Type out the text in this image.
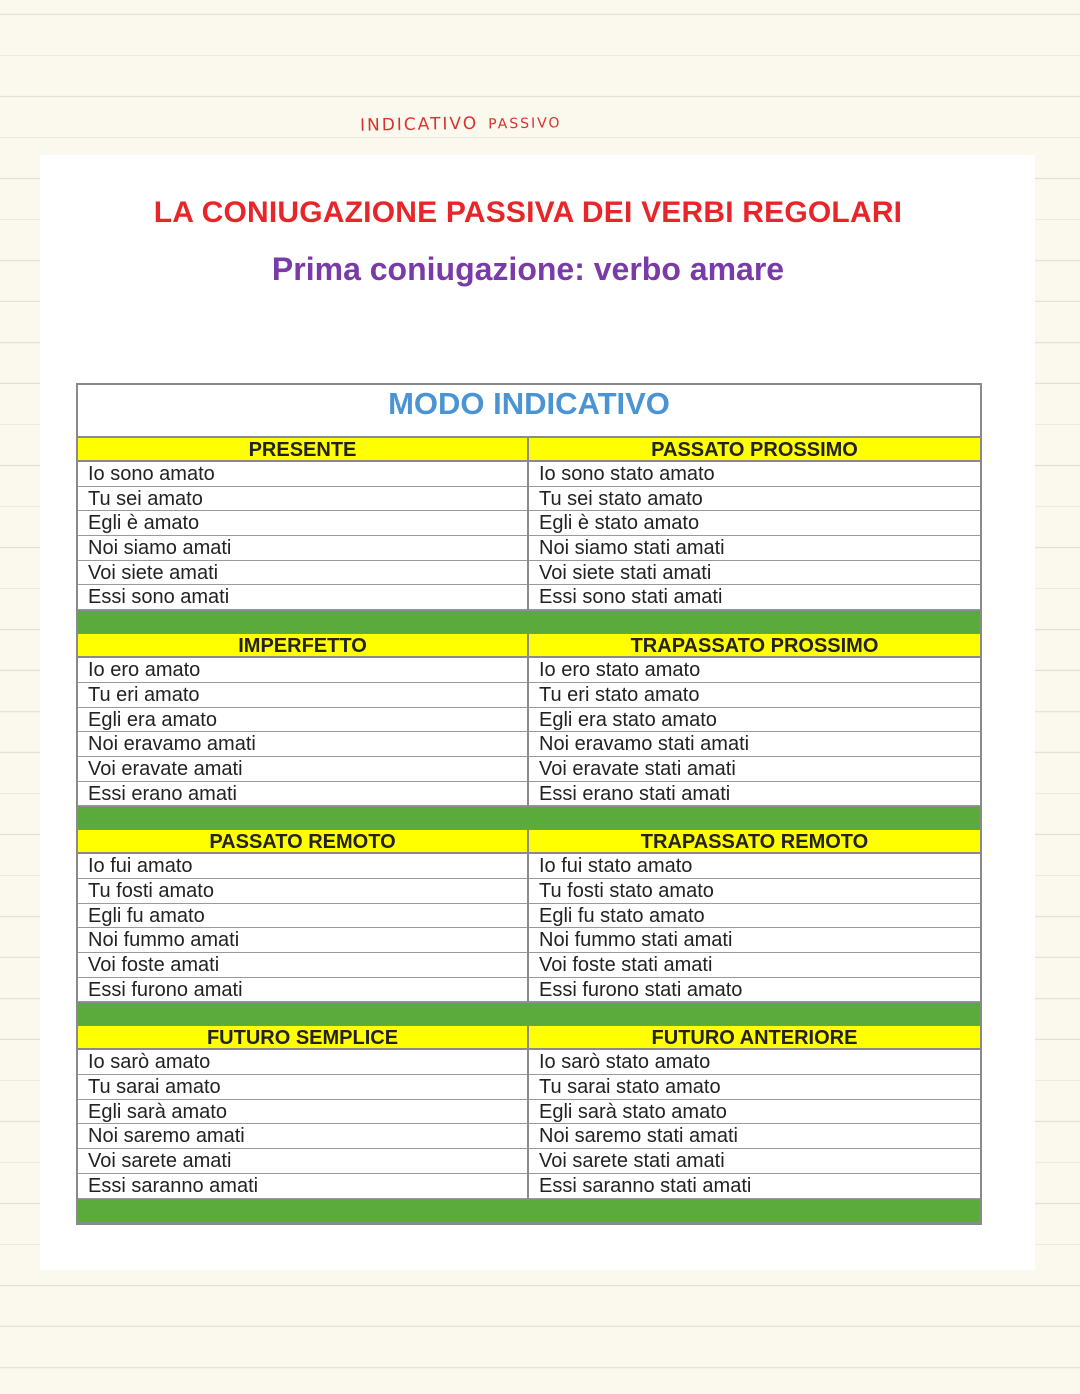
INDICATIVO PASSIVO
LA CONIUGAZIONE PASSIVA DEI VERBI REGOLARI
Prima coniugazione: verbo amare
MODO INDICATIVO
PRESENTE
Io sono amato
Tu sei amato
Egli è amato
Noi siamo amati
Voi siete amati
Essi sono amati
PASSATO PROSSIMO
Io sono stato amato
Tu sei stato amato
Egli è stato amato
Noi siamo stati amati
Voi siete stati amati
Essi sono stati amati
IMPERFETTO
Io ero amato
Tu eri amato
Egli era amato
Noi eravamo amati
Voi eravate amati
Essi erano amati
TRAPASSATO PROSSIMO
Io ero stato amato
Tu eri stato amato
Egli era stato amato
Noi eravamo stati amati
Voi eravate stati amati
Essi erano stati amati
PASSATO REMOTO
Io fui amato
Tu fosti amato
Egli fu amato
Noi fummo amati
Voi foste amati
Essi furono amati
TRAPASSATO REMOTO
Io fui stato amato
Tu fosti stato amato
Egli fu stato amato
Noi fummo stati amati
Voi foste stati amati
Essi furono stati amato
FUTURO SEMPLICE
Io sarò amato
Tu sarai amato
Egli sarà amato
Noi saremo amati
Voi sarete amati
Essi saranno amati
FUTURO ANTERIORE
Io sarò stato amato
Tu sarai stato amato
Egli sarà stato amato
Noi saremo stati amati
Voi sarete stati amati
Essi saranno stati amati
